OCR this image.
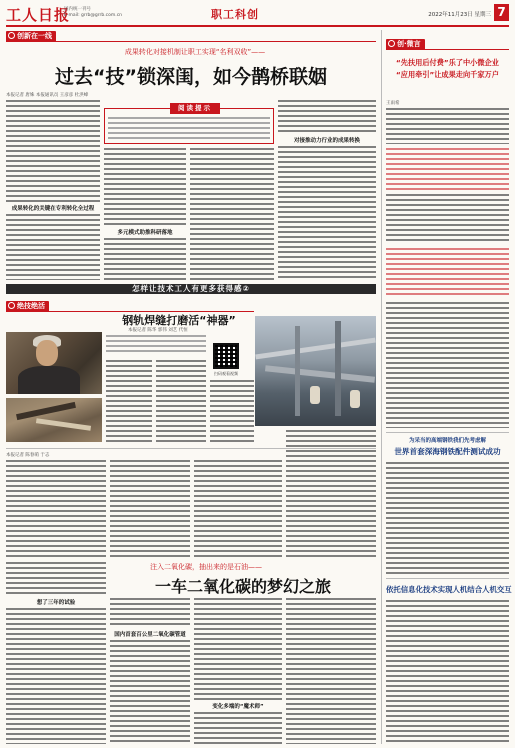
工人日报
国内统一刊号
E-mail: grrb@grrb.com.cn	职工科创	2022年11月23日 星期三 7
创新在一线
成果转化对接机制让职工实现“名利双收”——
过去“技”锁深闺，如今鹊桥联姻
本报记者 唐姝 本报通讯员 王彦彦 杜洪峰
成果转化的关键在专利转化全过程
阅读提示
多元模式助推科研落地
对接推动力行业的成果转换
怎样让技术工人有更多获得感②
绝技绝活
钢轨焊缝打磨活“神器”
本报记者 陈华 郭伟 刘艺 代恒
扫码观看视频
本报记者 陈春萌 于志
注入二氧化碳，抽出来的是石油——
一车二氧化碳的梦幻之旅
想了三年的试验
国内首套百公里二氧化碳管道
变化多端的“魔术师”
创·微言
“先扶用后付费”乐了中小微企业
“应用牵引”让成果走向千家万户
王雨希
为采当的高端钢铁我们先考虑解
世界首套深海钢铁配件测试成功
依托信息化技术实现人机结合人机交互
